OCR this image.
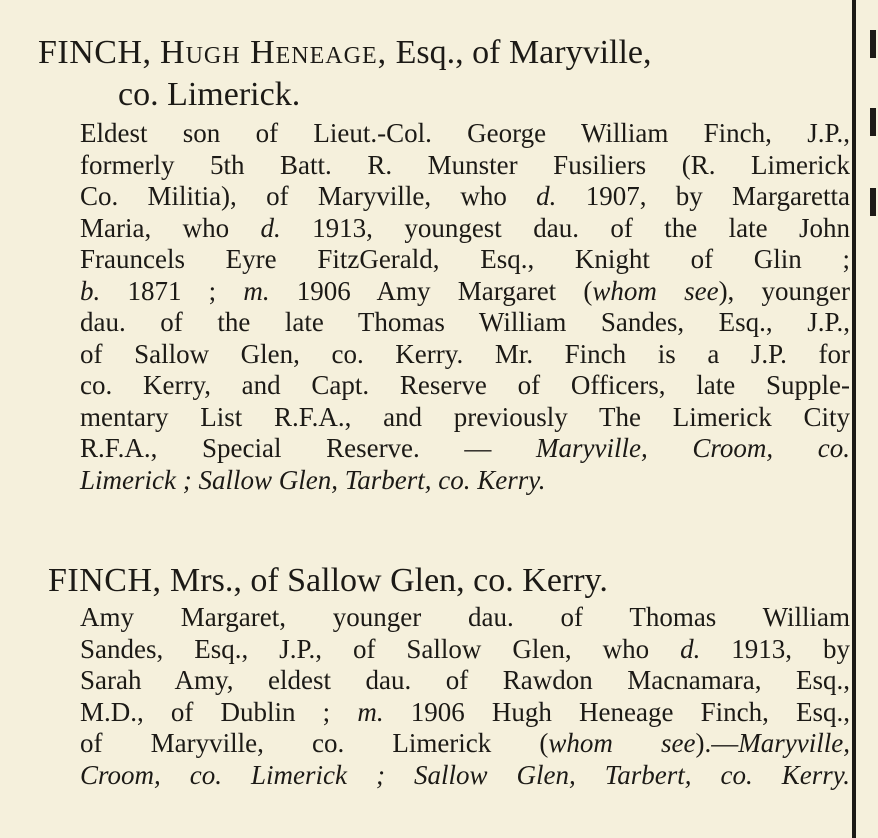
FINCH, Hugh Heneage, Esq., of Maryville,
co. Limerick.
Eldest son of Lieut.-Col. George William Finch, J.P.,
formerly 5th Batt. R. Munster Fusiliers (R. Limerick
Co. Militia), of Maryville, who d. 1907, by Margaretta
Maria, who d. 1913, youngest dau. of the late John
Frauncels Eyre FitzGerald, Esq., Knight of Glin ;
b. 1871 ; m. 1906 Amy Margaret (whom see), younger
dau. of the late Thomas William Sandes, Esq., J.P.,
of Sallow Glen, co. Kerry. Mr. Finch is a J.P. for
co. Kerry, and Capt. Reserve of Officers, late Supple-
mentary List R.F.A., and previously The Limerick City
R.F.A., Special Reserve. — Maryville, Croom, co.
Limerick ; Sallow Glen, Tarbert, co. Kerry.
FINCH, Mrs., of Sallow Glen, co. Kerry.
Amy Margaret, younger dau. of Thomas William
Sandes, Esq., J.P., of Sallow Glen, who d. 1913, by
Sarah Amy, eldest dau. of Rawdon Macnamara, Esq.,
M.D., of Dublin ; m. 1906 Hugh Heneage Finch, Esq.,
of Maryville, co. Limerick (whom see).—Maryville,
Croom, co. Limerick ; Sallow Glen, Tarbert, co. Kerry.
